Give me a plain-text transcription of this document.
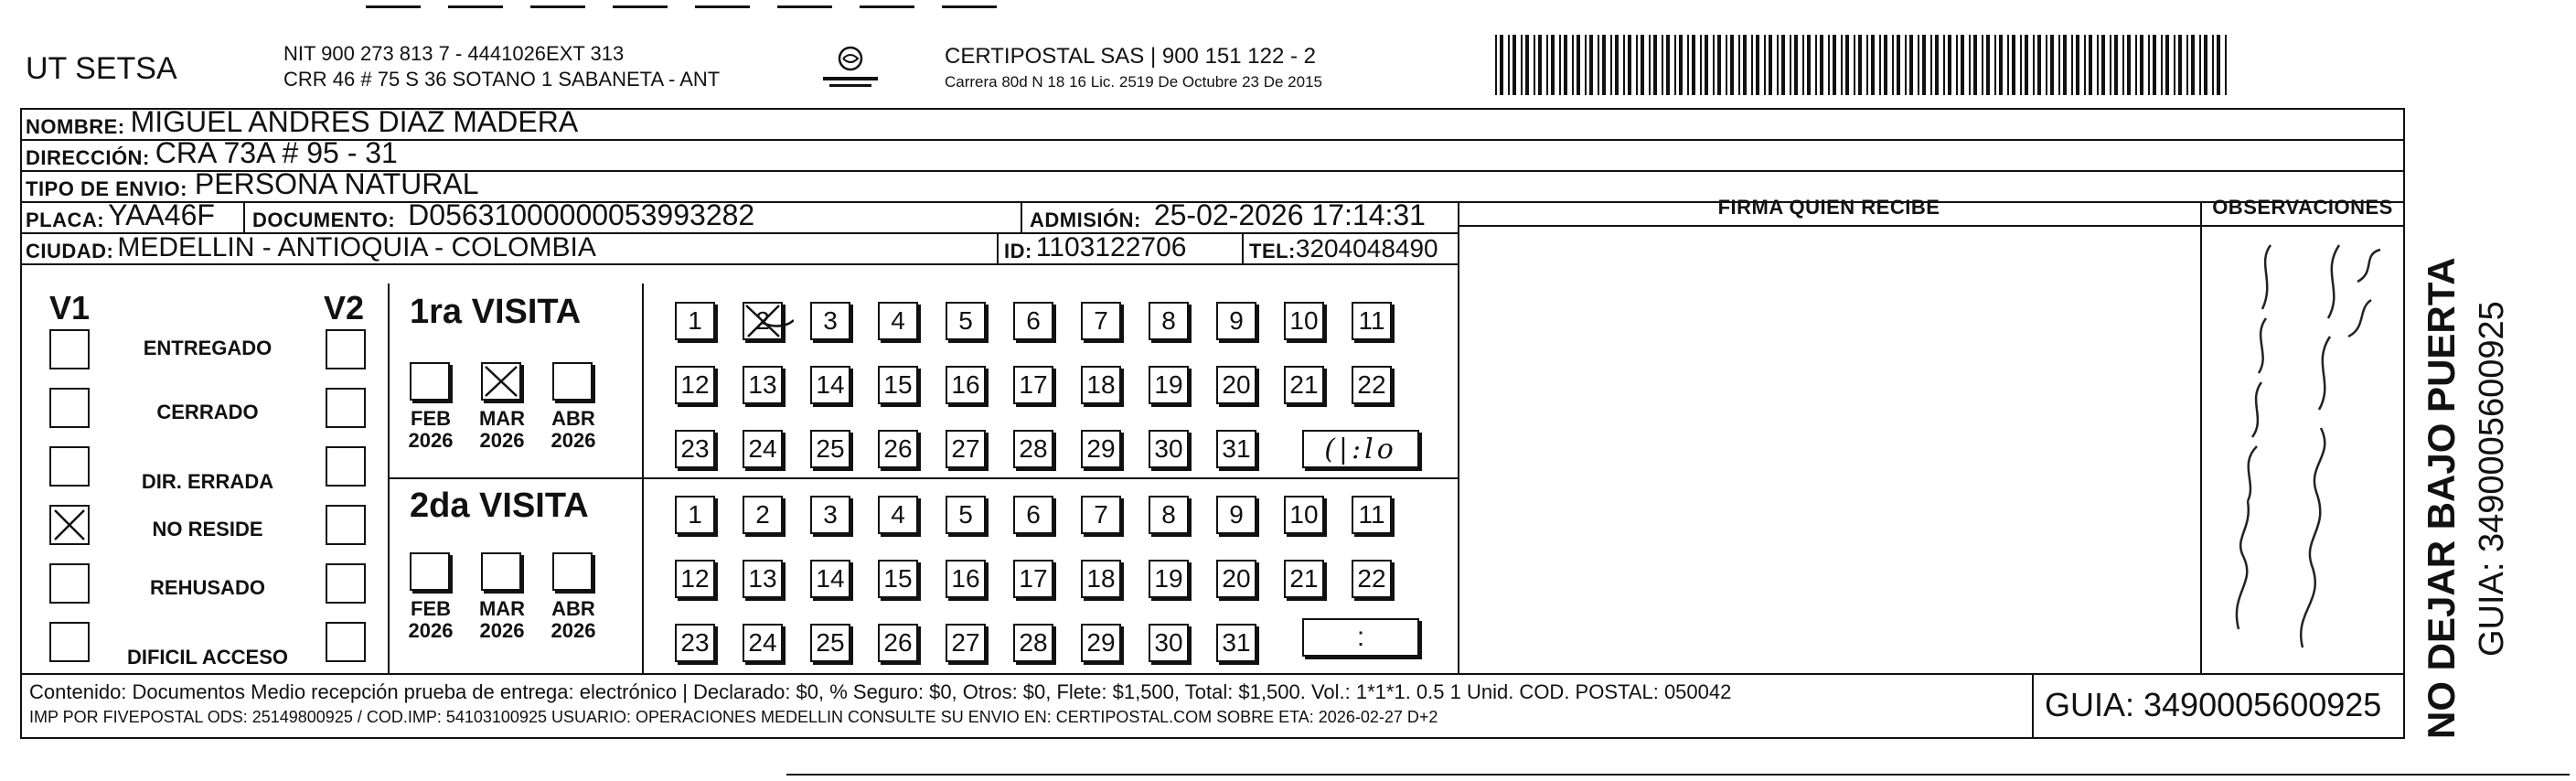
UT SETSA	NIT 900 273 813 7 - 4441026EXT 313
CRR 46 # 75 S 36 SOTANO 1 SABANETA - ANT
CERTIPOSTAL SAS | 900 151 122 - 2
Carrera 80d N 18 16 Lic. 2519 De Octubre 23 De 2015
NOMBRE: MIGUEL ANDRES DIAZ MADERA
DIRECCIÓN: CRA 73A # 95 - 31
TIPO DE ENVIO: PERSONA NATURAL
FIRMA QUIEN RECIBE	OBSERVACIONES
PLACA: YAA46F DOCUMENTO: D05631000000053993282	ADMISIÓN: 25-02-2026 17:14:31
CIUDAD: MEDELLIN - ANTIOQUIA - COLOMBIA	ID: 1103122706	TEL: 3204048490
V1	V2
ENTREGADO
CERRADO
DIR. ERRADA
NO RESIDE
REHUSADO
DIFICIL ACCESO
1ra VISITA
2da VISITA
FEB
2026
MAR
2026
ABR
2026
FEB
2026
MAR
2026
ABR
2026
1 2 3 4 5 6 7 8 9 10 11
12 13 14 15 16 17 18 19 20 21 22
23 24 25 26 27 28 29 30 31
1 2 3 4 5 6 7 8 9 10 11
12 13 14 15 16 17 18 19 20 21 22
23 24 25 26 27 28 29 30 31
(|:lo
:
Contenido: Documentos Medio recepción prueba de entrega: electrónico | Declarado: $0, % Seguro: $0, Otros: $0, Flete: $1,500, Total: $1,500. Vol.: 1*1*1. 0.5 1 Unid. COD. POSTAL: 050042
IMP POR FIVEPOSTAL ODS: 25149800925 / COD.IMP: 54103100925 USUARIO: OPERACIONES MEDELLIN CONSULTE SU ENVIO EN: CERTIPOSTAL.COM SOBRE ETA: 2026-02-27 D+2	GUIA: 3490005600925 NO DEJAR BAJO PUERTA GUIA: 3490005600925
